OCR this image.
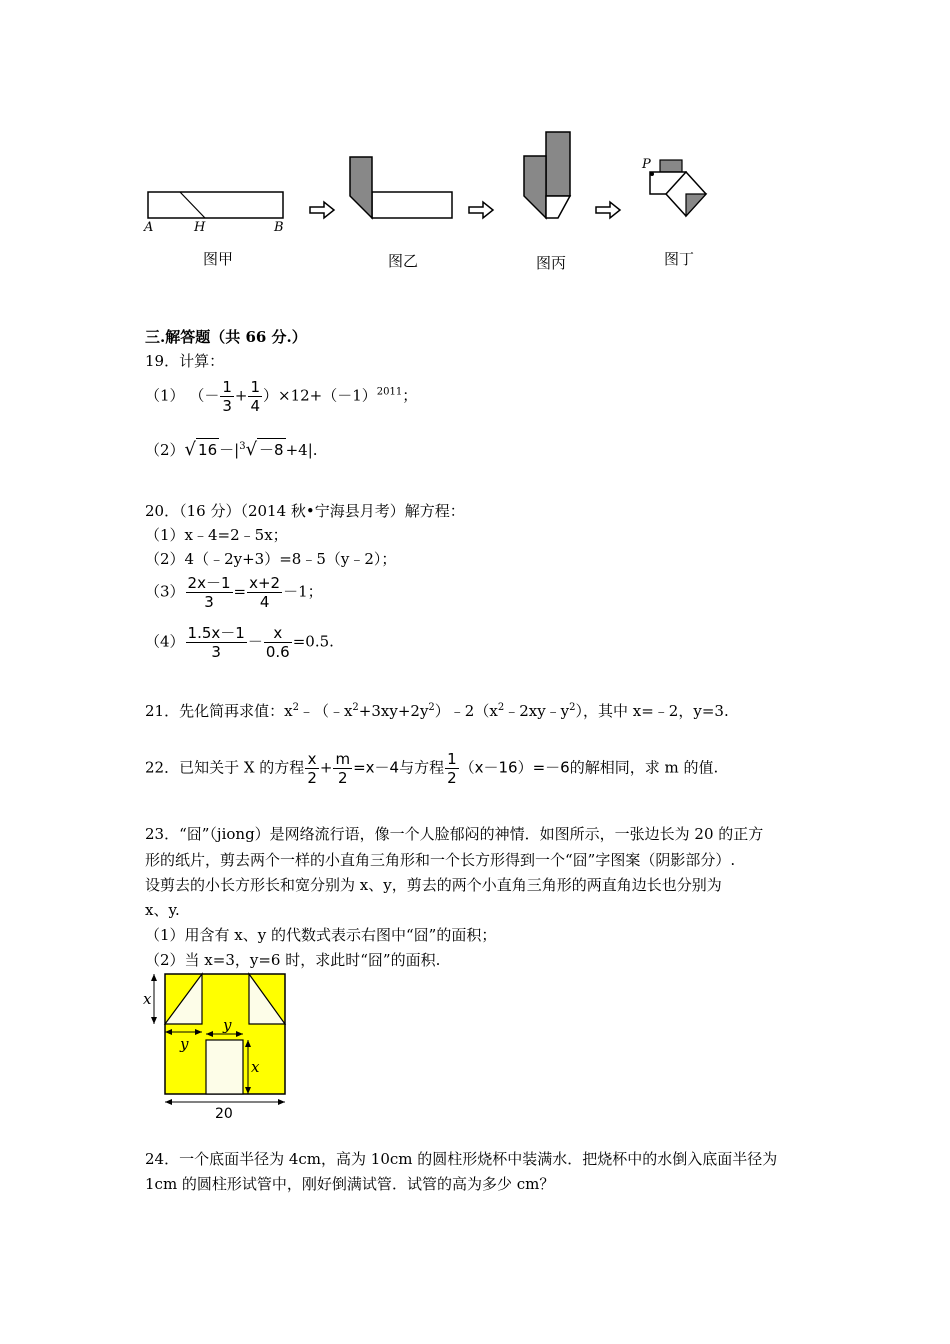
A	H	B
P
图甲	图乙	图丙	图丁
三.解答题（共 66 分.）
19．计算：
（1） （－ $\frac{1}{3} + \frac{1}{4} )\times 12+(-1)^{2011}$；
（2）√ $16 -|^3√ -8 +4|$.
20．（16 分）（2014 秋•宁海县月考）解方程：
（1）x﹣4=2﹣5x；
（2）4（﹣2y+3）=8﹣5（y﹣2）；
$(3) \frac{2x-1}{3} = \frac{x+2}{4} -1$；
$(4) \frac{1.5x-1}{3} - \frac{x}{0.6} =0.5$.
21．先化简再求值：$x^2﹣(﹣x^2+3xy+2y^2)﹣2(x^2﹣2xy﹣y^2)$，其中 x=﹣2，y=3.
22．已知关于 X 的方程 $\frac{x}{2} + \frac{m}{2} =x-4$与方程 $\frac{1}{2} (x-16)=-6$的解相同，求 m 的值.
23．“囧”（jiong）是网络流行语，像一个人脸郁闷的神情．如图所示，一张边长为 20 的正方
形的纸片，剪去两个一样的小直角三角形和一个长方形得到一个“囧”字图案（阴影部分）.
设剪去的小长方形长和宽分别为 x、y，剪去的两个小直角三角形的两直角边长也分别为
x、y.
（1）用含有 x、y 的代数式表示右图中“囧”的面积；
（2）当 x=3，y=6 时，求此时“囧”的面积.
x
y
y
x
20
24．一个底面半径为 4cm，高为 10cm 的圆柱形烧杯中装满水．把烧杯中的水倒入底面半径为
1cm 的圆柱形试管中，刚好倒满试管．试管的高为多少 cm？
